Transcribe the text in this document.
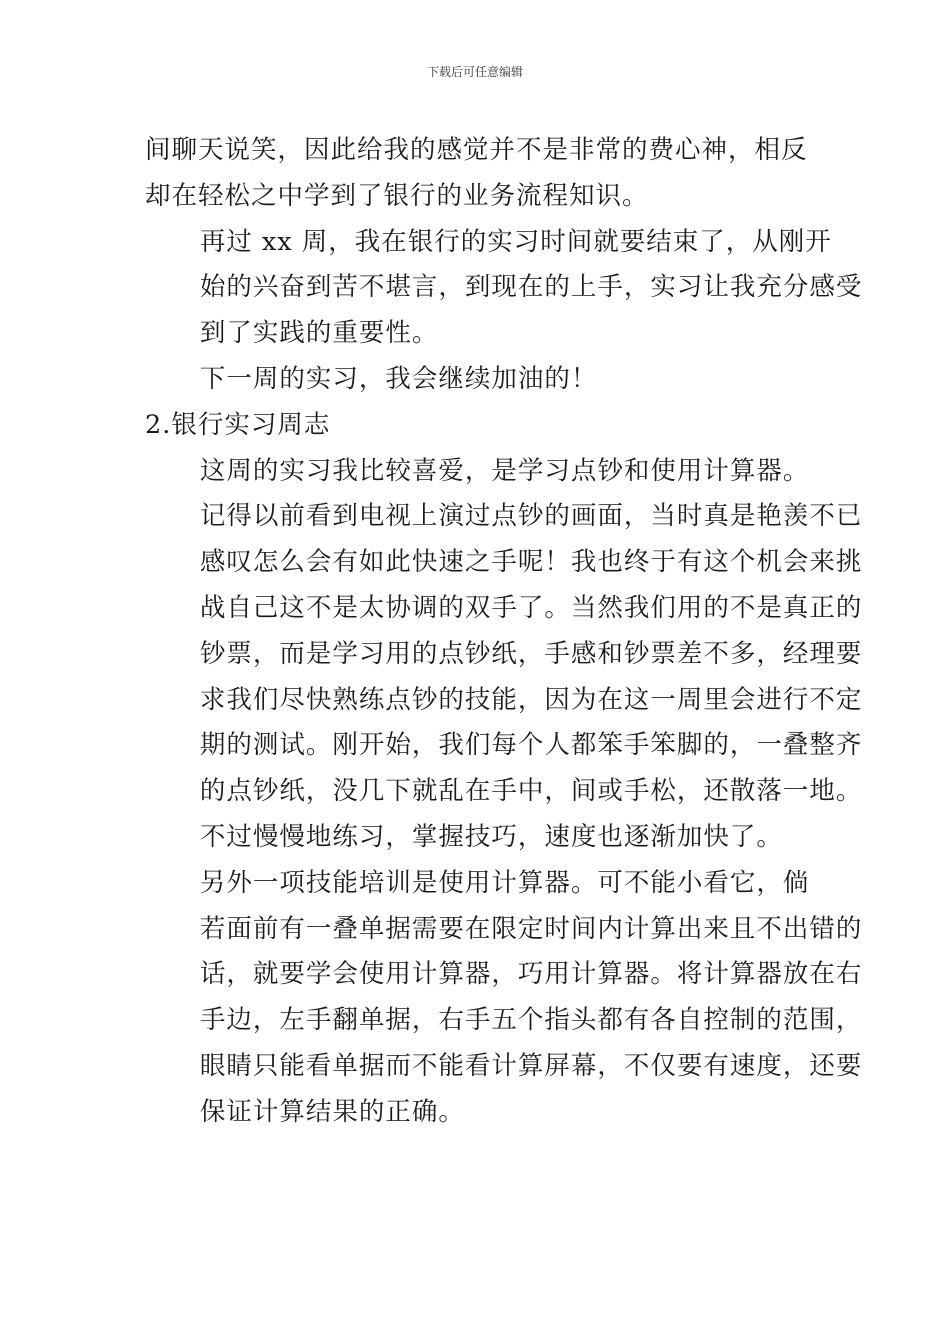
下载后可任意编辑

间聊天说笑，因此给我的感觉并不是非常的费心神，相反
却在轻松之中学到了银行的业务流程知识。

再过 xx 周，我在银行的实习时间就要结束了，从刚开
始的兴奋到苦不堪言，到现在的上手，实习让我充分感受
到了实践的重要性。

下一周的实习，我会继续加油的！

2.银行实习周志

这周的实习我比较喜爱，是学习点钞和使用计算器。
记得以前看到电视上演过点钞的画面，当时真是艳羡不已
感叹怎么会有如此快速之手呢！我也终于有这个机会来挑
战自己这不是太协调的双手了。当然我们用的不是真正的
钞票，而是学习用的点钞纸，手感和钞票差不多，经理要
求我们尽快熟练点钞的技能，因为在这一周里会进行不定
期的测试。刚开始，我们每个人都笨手笨脚的，一叠整齐
的点钞纸，没几下就乱在手中，间或手松，还散落一地。
不过慢慢地练习，掌握技巧，速度也逐渐加快了。

另外一项技能培训是使用计算器。可不能小看它，倘
若面前有一叠单据需要在限定时间内计算出来且不出错的
话，就要学会使用计算器，巧用计算器。将计算器放在右
手边，左手翻单据，右手五个指头都有各自控制的范围，
眼睛只能看单据而不能看计算屏幕，不仅要有速度，还要
保证计算结果的正确。
